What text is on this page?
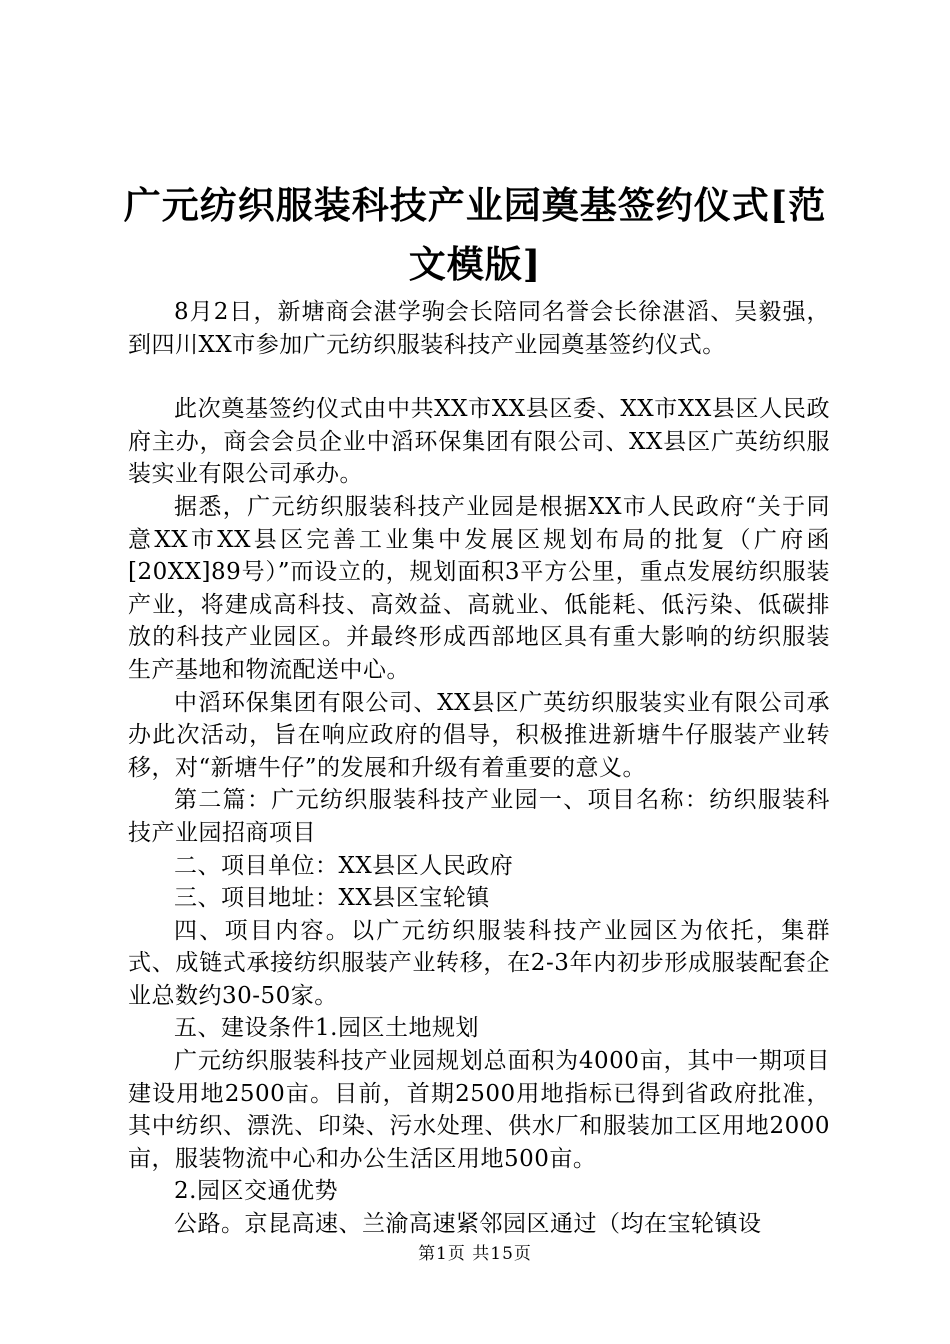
广元纺织服装科技产业园奠基签约仪式[范文模版]

8月2日，新塘商会湛学驹会长陪同名誉会长徐湛滔、吴毅强，到四川XX市参加广元纺织服装科技产业园奠基签约仪式。

此次奠基签约仪式由中共XX市XX县区委、XX市XX县区人民政府主办，商会会员企业中滔环保集团有限公司、XX县区广英纺织服装实业有限公司承办。

据悉，广元纺织服装科技产业园是根据XX市人民政府“关于同意XX市XX县区完善工业集中发展区规划布局的批复（广府函[20XX]89号）”而设立的，规划面积3平方公里，重点发展纺织服装产业，将建成高科技、高效益、高就业、低能耗、低污染、低碳排放的科技产业园区。并最终形成西部地区具有重大影响的纺织服装生产基地和物流配送中心。

中滔环保集团有限公司、XX县区广英纺织服装实业有限公司承办此次活动，旨在响应政府的倡导，积极推进新塘牛仔服装产业转移，对“新塘牛仔”的发展和升级有着重要的意义。

第二篇：广元纺织服装科技产业园一、项目名称：纺织服装科技产业园招商项目

二、项目单位：XX县区人民政府

三、项目地址：XX县区宝轮镇

四、项目内容。以广元纺织服装科技产业园区为依托，集群式、成链式承接纺织服装产业转移，在2-3年内初步形成服装配套企业总数约30-50家。

五、建设条件1.园区土地规划

广元纺织服装科技产业园规划总面积为4000亩，其中一期项目建设用地2500亩。目前，首期2500用地指标已得到省政府批准，其中纺织、漂洗、印染、污水处理、供水厂和服装加工区用地2000亩，服装物流中心和办公生活区用地500亩。

2.园区交通优势

公路。京昆高速、兰渝高速紧邻园区通过（均在宝轮镇设

第1页 共15页
